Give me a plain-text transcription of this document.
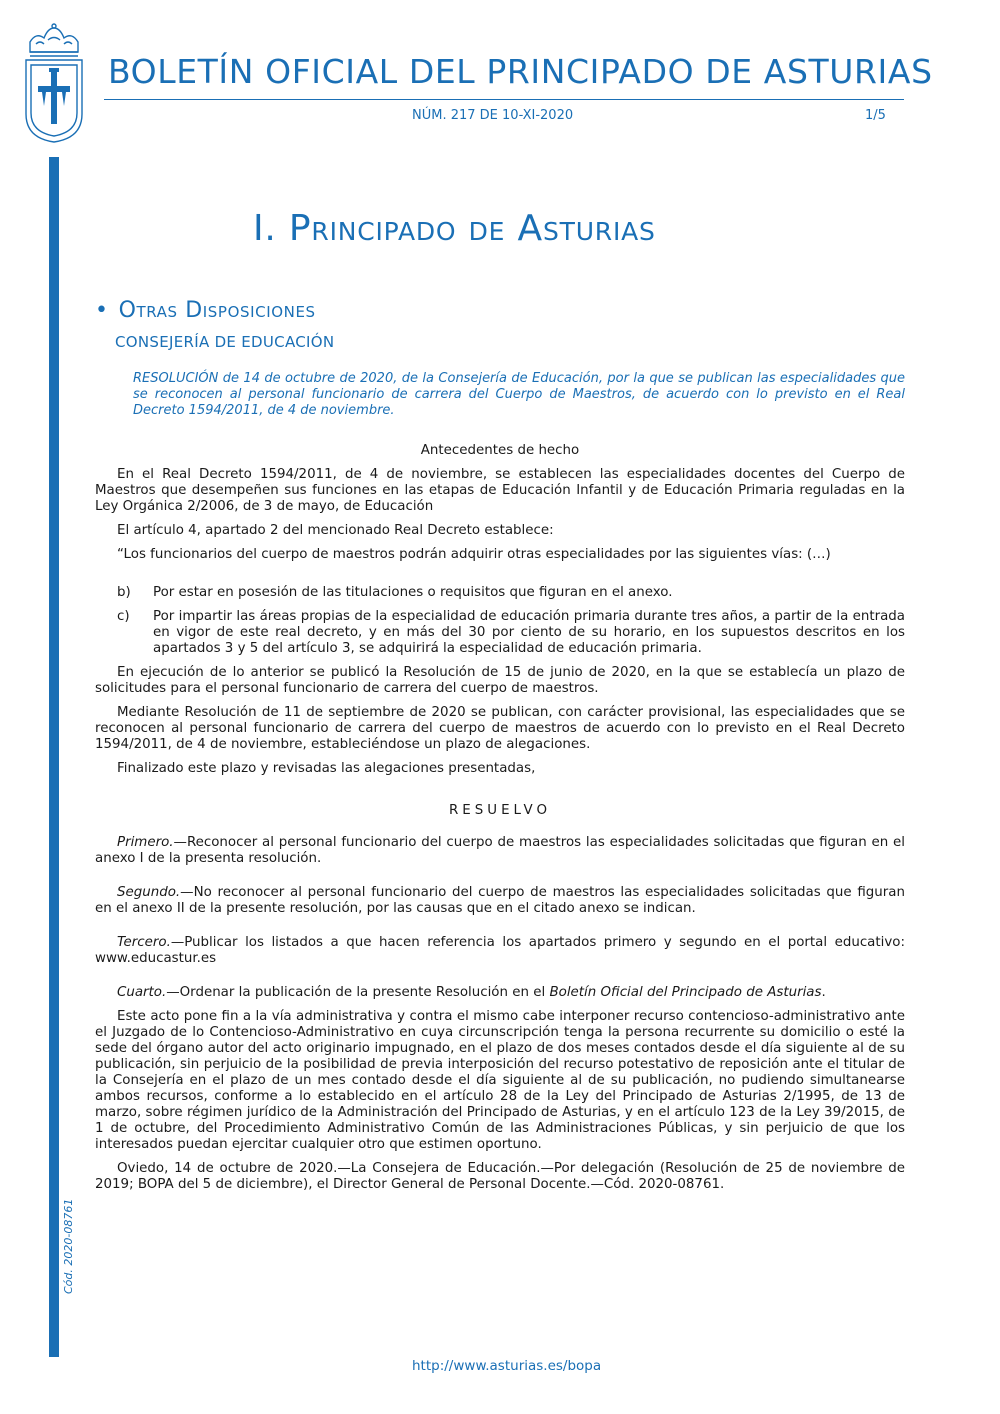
Cód. 2020-08761
BOLETÍN OFICIAL DEL PRINCIPADO DE ASTURIAS
NÚM. 217 DE 10-XI-2020	1/5
I. Principado de Asturias
• Otras Disposiciones
CONSEJERÍA DE EDUCACIÓN
RESOLUCIÓN de 14 de octubre de 2020, de la Consejería de Educación, por la que se publican las especialidades que se reconocen al personal funcionario de carrera del Cuerpo de Maestros, de acuerdo con lo previsto en el Real Decreto 1594/2011, de 4 de noviembre.

Antecedentes de hecho

En el Real Decreto 1594/2011, de 4 de noviembre, se establecen las especialidades docentes del Cuerpo de Maestros que desempeñen sus funciones en las etapas de Educación Infantil y de Educación Primaria reguladas en la Ley Orgánica 2/2006, de 3 de mayo, de Educación

El artículo 4, apartado 2 del mencionado Real Decreto establece:

“Los funcionarios del cuerpo de maestros podrán adquirir otras especialidades por las siguientes vías: (…)

b)	Por estar en posesión de las titulaciones o requisitos que figuran en el anexo.
c)	Por impartir las áreas propias de la especialidad de educación primaria durante tres años, a partir de la entrada en vigor de este real decreto, y en más del 30 por ciento de su horario, en los supuestos descritos en los apartados 3 y 5 del artículo 3, se adquirirá la especialidad de educación primaria.

En ejecución de lo anterior se publicó la Resolución de 15 de junio de 2020, en la que se establecía un plazo de solicitudes para el personal funcionario de carrera del cuerpo de maestros.

Mediante Resolución de 11 de septiembre de 2020 se publican, con carácter provisional, las especialidades que se reconocen al personal funcionario de carrera del cuerpo de maestros de acuerdo con lo previsto en el Real Decreto 1594/2011, de 4 de noviembre, estableciéndose un plazo de alegaciones.

Finalizado este plazo y revisadas las alegaciones presentadas,

RESUELVO

Primero.—Reconocer al personal funcionario del cuerpo de maestros las especialidades solicitadas que figuran en el anexo I de la presenta resolución.

Segundo.—No reconocer al personal funcionario del cuerpo de maestros las especialidades solicitadas que figuran en el anexo II de la presente resolución, por las causas que en el citado anexo se indican.

Tercero.—Publicar los listados a que hacen referencia los apartados primero y segundo en el portal educativo: www.educastur.es

Cuarto.—Ordenar la publicación de la presente Resolución en el Boletín Oficial del Principado de Asturias.

Este acto pone fin a la vía administrativa y contra el mismo cabe interponer recurso contencioso-administrativo ante el Juzgado de lo Contencioso-Administrativo en cuya circunscripción tenga la persona recurrente su domicilio o esté la sede del órgano autor del acto originario impugnado, en el plazo de dos meses contados desde el día siguiente al de su publicación, sin perjuicio de la posibilidad de previa interposición del recurso potestativo de reposición ante el titular de la Consejería en el plazo de un mes contado desde el día siguiente al de su publicación, no pudiendo simultanearse ambos recursos, conforme a lo establecido en el artículo 28 de la Ley del Principado de Asturias 2/1995, de 13 de marzo, sobre régimen jurídico de la Administración del Principado de Asturias, y en el artículo 123 de la Ley 39/2015, de 1 de octubre, del Procedimiento Administrativo Común de las Administraciones Públicas, y sin perjuicio de que los interesados puedan ejercitar cualquier otro que estimen oportuno.

Oviedo, 14 de octubre de 2020.—La Consejera de Educación.—Por delegación (Resolución de 25 de noviembre de 2019; BOPA del 5 de diciembre), el Director General de Personal Docente.—Cód. 2020-08761.

http://www.asturias.es/bopa
